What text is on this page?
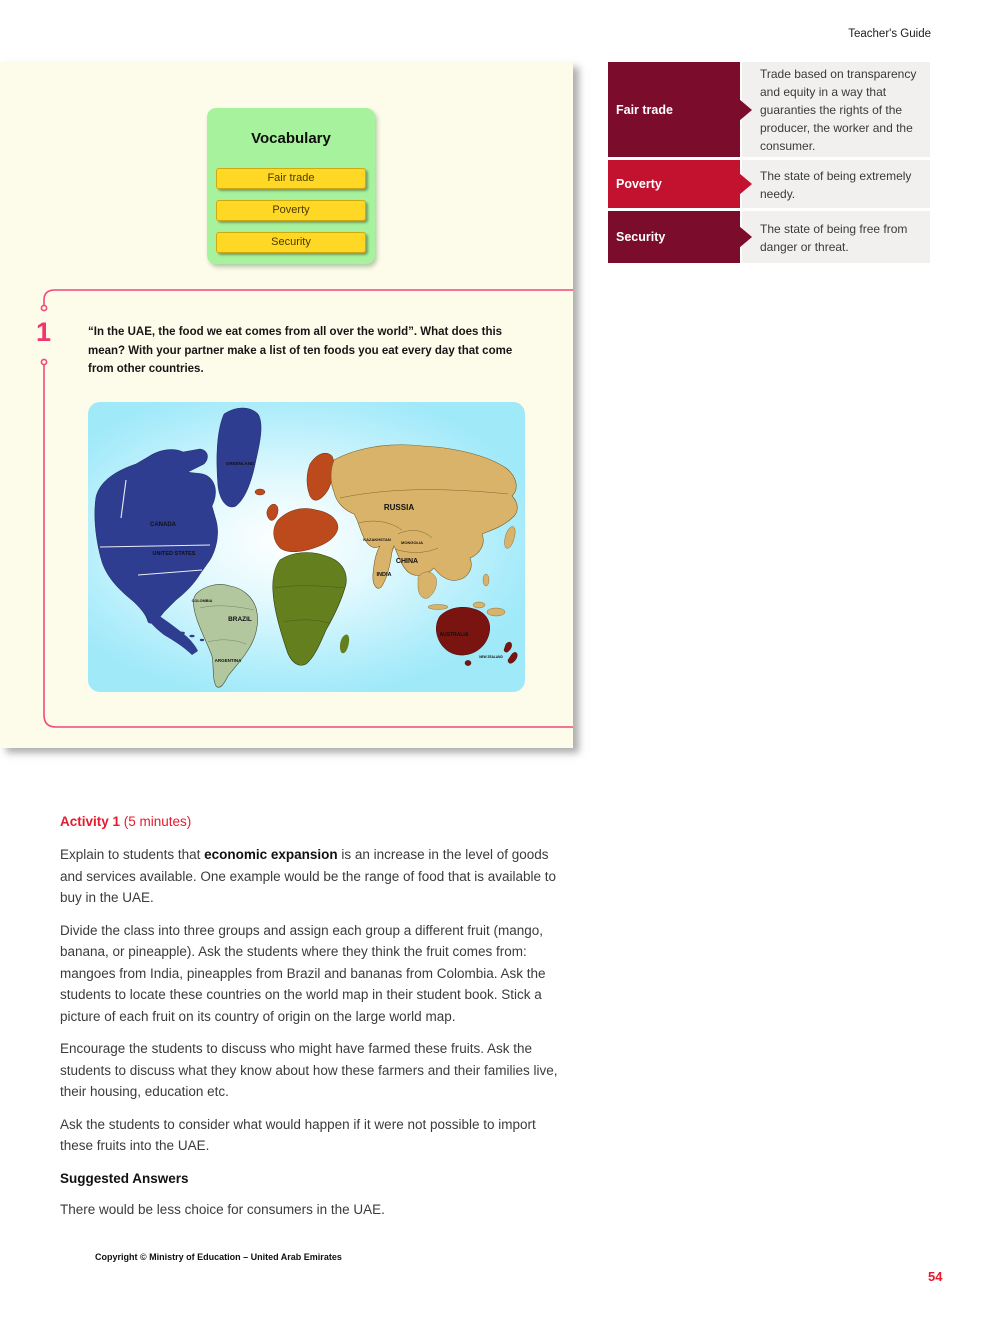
Teacher's Guide
Vocabulary
Fair trade
Poverty
Security
1	“In the UAE, the food we eat comes from all over the world”. What does this mean? With your partner make a list of ten foods you eat every day that come from other countries.
GREENLAND
CANADA
UNITED STATES
RUSSIA
KAZAKHSTAN
MONGOLIA
CHINA
INDIA
COLOMBIA
BRAZIL
ARGENTINA
AUSTRALIA
NEW ZEALAND
Fair trade
Trade based on transparency and equity in a way that guaranties the rights of the producer, the worker and the consumer.
Poverty
The state of being extremely needy.
Security
The state of being free from danger or threat.
Activity 1 (5 minutes)

Explain to students that economic expansion is an increase in the level of goods and services available. One example would be the range of food that is available to buy in the UAE.

Divide the class into three groups and assign each group a different fruit (mango, banana, or pineapple). Ask the students where they think the fruit comes from: mangoes from India, pineapples from Brazil and bananas from Colombia. Ask the students to locate these countries on the world map in their student book. Stick a picture of each fruit on its country of origin on the large world map.

Encourage the students to discuss who might have farmed these fruits. Ask the students to discuss what they know about how these farmers and their families live, their housing, education etc.

Ask the students to consider what would happen if it were not possible to import these fruits into the UAE.

Suggested Answers

There would be less choice for consumers in the UAE.

Copyright © Ministry of Education – United Arab Emirates
54
